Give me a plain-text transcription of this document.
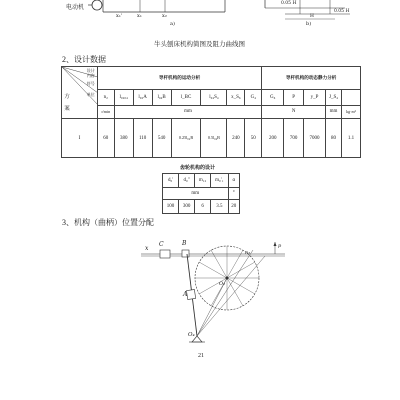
电动机
x₁'	x₁	x₂
a)	b)
0.05 H
0.05 H
H
牛头刨床机构简图及阻力曲线图
2、设计数据
设计内容
符号
单位
方案	导杆机构的运动分析								导杆机构的动态静力分析				
	n₂	l₀₂₀₄	l₀₂A	l₀₄B	l_BC	l₀₄S₄	x_S₆	G₄	G₆	P	y_P	J_S₄	
	r/min	mm							N			mm	kg·m²
I	60	380	110	540	0.25l₀₄B	0.5l₀₄B	240	50	200	700	7000	80	1.1
齿轮机构的设计
d₀'	d₀"	m₁₂	m₀'₁	α
mm				°
100	300	6	3.5	20
3、机构（曲柄）位置分配
x
C	B
A
O₂
O₄
n₂
p
21
